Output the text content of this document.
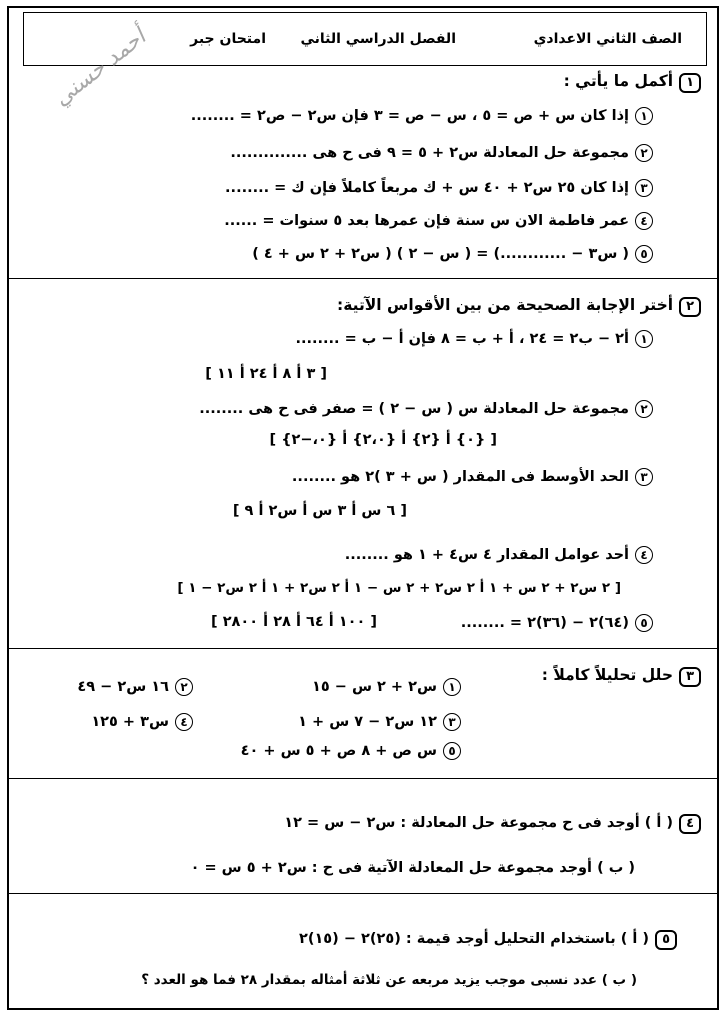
الصف الثاني الاعدادي
الفصل الدراسي الثاني
امتحان جبر
أحمد حسني	١أكمل ما يأتي :
١إذا كان س + ص = ٥ ، س − ص = ٣ فإن س٢ − ص٢ = ........
٢مجموعة حل المعادلة س٢ + ٥ = ٩ فى ح هى ..............
٣إذا كان ٢٥ س٢ + ٤٠ س + ك مربعاً كاملاً فإن ك = ........
٤عمر فاطمة الان س سنة فإن عمرها بعد ٥ سنوات = ......
٥( س٣ − ............) = ( س − ٢ ) ( س٢ + ٢ س + ٤ )
٢أختر الإجابة الصحيحة من بين الأقواس الآتية:
١أ٢ − ب٢ = ٢٤ ، أ + ب = ٨ فإن أ − ب = ........
[ ٣ أ ٨ أ ٢٤ أ ١١ ]
٢مجموعة حل المعادلة س ( س − ٢ ) = صفر فى ح هى ........
[ {٠} أ {٢} أ {٢،٠} أ {٠،−٢} ]
٣الحد الأوسط فى المقدار ( س + ٣ )٢ هو ........
[ ٦ س أ ٣ س أ س٢ أ ٩ ]
٤أحد عوامل المقدار ٤ س٤ + ١ هو ........
[ ٢ س٢ + ٢ س + ١ أ ٢ س٢ + ٢ س − ١ أ ٢ س٢ + ١ أ ٢ س٢ − ١ ]
٥(٦٤)٢ − (٣٦)٢ = ........
[ ١٠٠ أ ٦٤ أ ٢٨ أ ٢٨٠٠ ]
٣حلل تحليلاً كاملاً :
١س٢ + ٢ س − ١٥
٢١٦ س٢ − ٤٩
٣١٢ س٢ − ٧ س + ١
٤س٣ + ١٢٥
٥س ص + ٨ ص + ٥ س + ٤٠
٤( أ ) أوجد فى ح مجموعة حل المعادلة : س٢ − س = ١٢
( ب ) أوجد مجموعة حل المعادلة الآتية فى ح : س٢ + ٥ س = ٠
٥( أ ) باستخدام التحليل أوجد قيمة : (٢٥)٢ − (١٥)٢
( ب ) عدد نسبى موجب يزيد مربعه عن ثلاثة أمثاله بمقدار ٢٨ فما هو العدد ؟
